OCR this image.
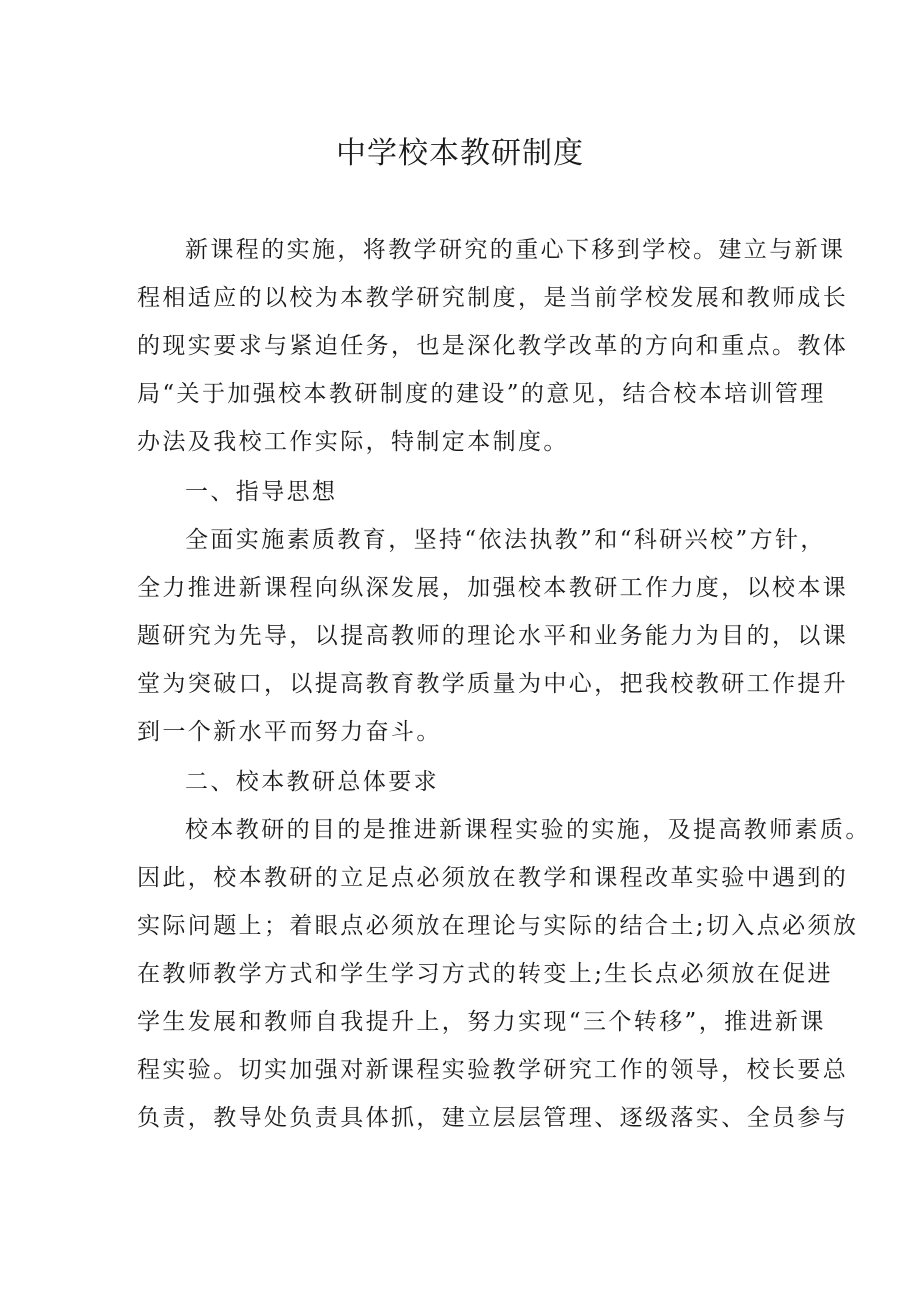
中学校本教研制度

新课程的实施，将教学研究的重心下移到学校。建立与新课

程相适应的以校为本教学研究制度，是当前学校发展和教师成长

的现实要求与紧迫任务，也是深化教学改革的方向和重点。教体

局“关于加强校本教研制度的建设”的意见，结合校本培训管理

办法及我校工作实际，特制定本制度。

一、指导思想

全面实施素质教育，坚持“依法执教”和“科研兴校”方针，

全力推进新课程向纵深发展，加强校本教研工作力度，以校本课

题研究为先导，以提高教师的理论水平和业务能力为目的，以课

堂为突破口，以提高教育教学质量为中心，把我校教研工作提升

到一个新水平而努力奋斗。

二、校本教研总体要求

校本教研的目的是推进新课程实验的实施，及提高教师素质。

因此，校本教研的立足点必须放在教学和课程改革实验中遇到的

实际问题上；着眼点必须放在理论与实际的结合土;切入点必须放

在教师教学方式和学生学习方式的转变上;生长点必须放在促进

学生发展和教师自我提升上，努力实现“三个转移”，推进新课

程实验。切实加强对新课程实验教学研究工作的领导，校长要总

负责，教导处负责具体抓，建立层层管理、逐级落实、全员参与
